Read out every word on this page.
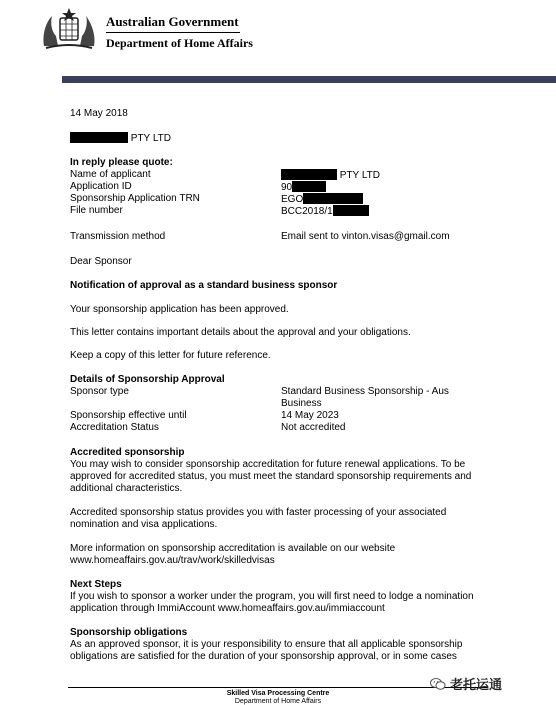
Australian Government
Department of Home Affairs
14 May 2018
PTY LTD
In reply please quote:
Name of applicant	PTY LTD
Application ID	90
Sponsorship Application TRN	EGO
File number	BCC2018/1
Transmission method	Email sent to vinton.visas@gmail.com
Dear Sponsor
Notification of approval as a standard business sponsor
Your sponsorship application has been approved.
This letter contains important details about the approval and your obligations.
Keep a copy of this letter for future reference.
Details of Sponsorship Approval
Sponsor type	Standard Business Sponsorship - Aus
Business
Sponsorship effective until	14 May 2023
Accreditation Status	Not accredited
Accredited sponsorship
You may wish to consider sponsorship accreditation for future renewal applications. To be approved for accredited status, you must meet the standard sponsorship requirements and additional characteristics.
Accredited sponsorship status provides you with faster processing of your associated nomination and visa applications.
More information on sponsorship accreditation is available on our website www.homeaffairs.gov.au/trav/work/skilledvisas
Next Steps
If you wish to sponsor a worker under the program, you will first need to lodge a nomination application through ImmiAccount www.homeaffairs.gov.au/immiaccount
Sponsorship obligations
As an approved sponsor, it is your responsibility to ensure that all applicable sponsorship obligations are satisfied for the duration of your sponsorship approval, or in some cases
Skilled Visa Processing Centre
Department of Home Affairs
老托运通
